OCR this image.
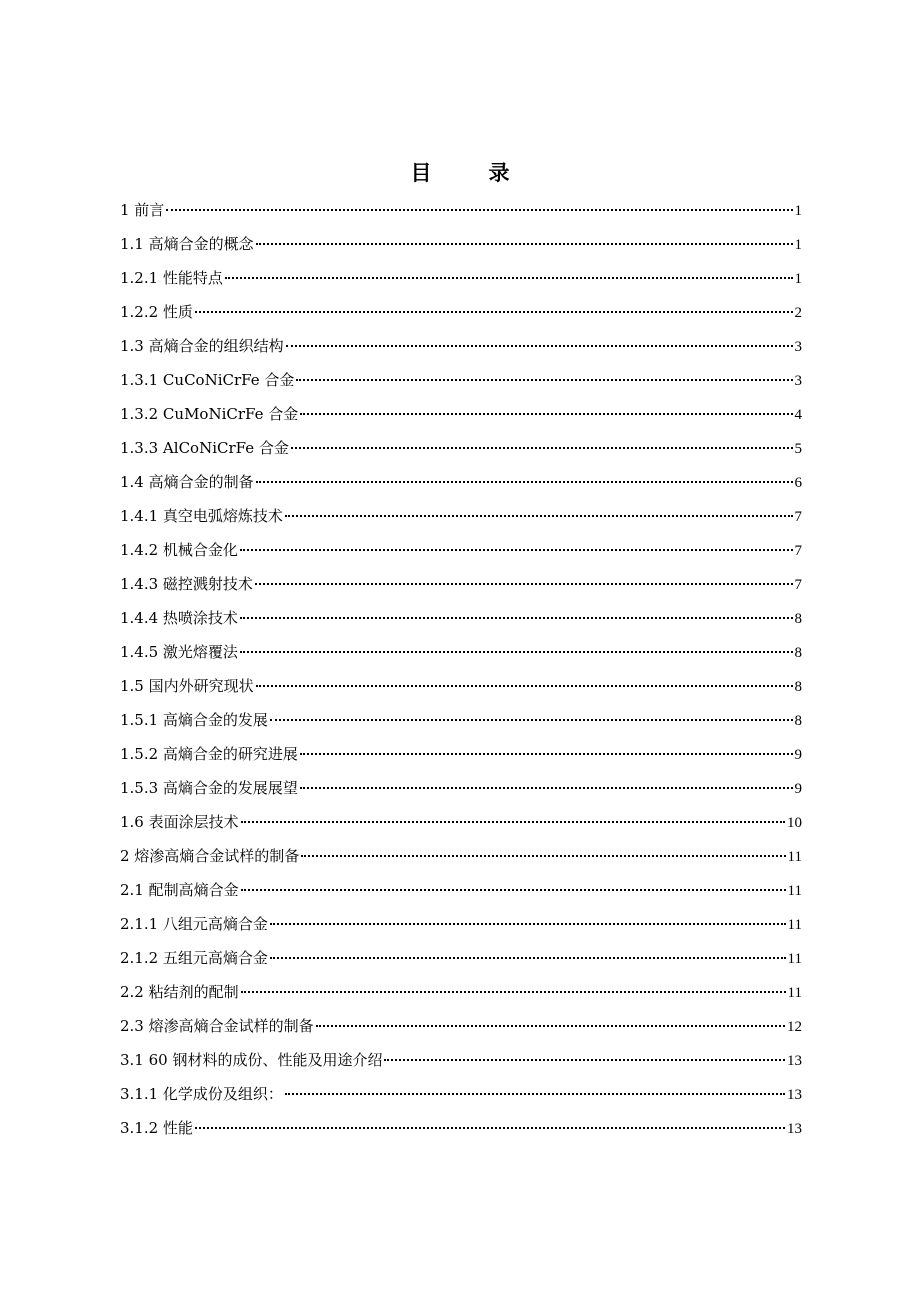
目　录
1 前言	1
1.1 高熵合金的概念	1
1.2.1 性能特点	1
1.2.2 性质	2
1.3 高熵合金的组织结构	3
1.3.1 CuCoNiCrFe 合金	3
1.3.2 CuMoNiCrFe 合金	4
1.3.3 AlCoNiCrFe 合金	5
1.4 高熵合金的制备	6
1.4.1 真空电弧熔炼技术	7
1.4.2 机械合金化	7
1.4.3 磁控溅射技术	7
1.4.4 热喷涂技术	8
1.4.5 激光熔覆法	8
1.5 国内外研究现状	8
1.5.1 高熵合金的发展	8
1.5.2 高熵合金的研究进展	9
1.5.3 高熵合金的发展展望	9
1.6 表面涂层技术	10
2 熔渗高熵合金试样的制备	11
2.1 配制高熵合金	11
2.1.1 八组元高熵合金	11
2.1.2 五组元高熵合金	11
2.2 粘结剂的配制	11
2.3 熔渗高熵合金试样的制备	12
3.1 60 钢材料的成份、性能及用途介绍	13
3.1.1 化学成份及组织：	13
3.1.2 性能	13
